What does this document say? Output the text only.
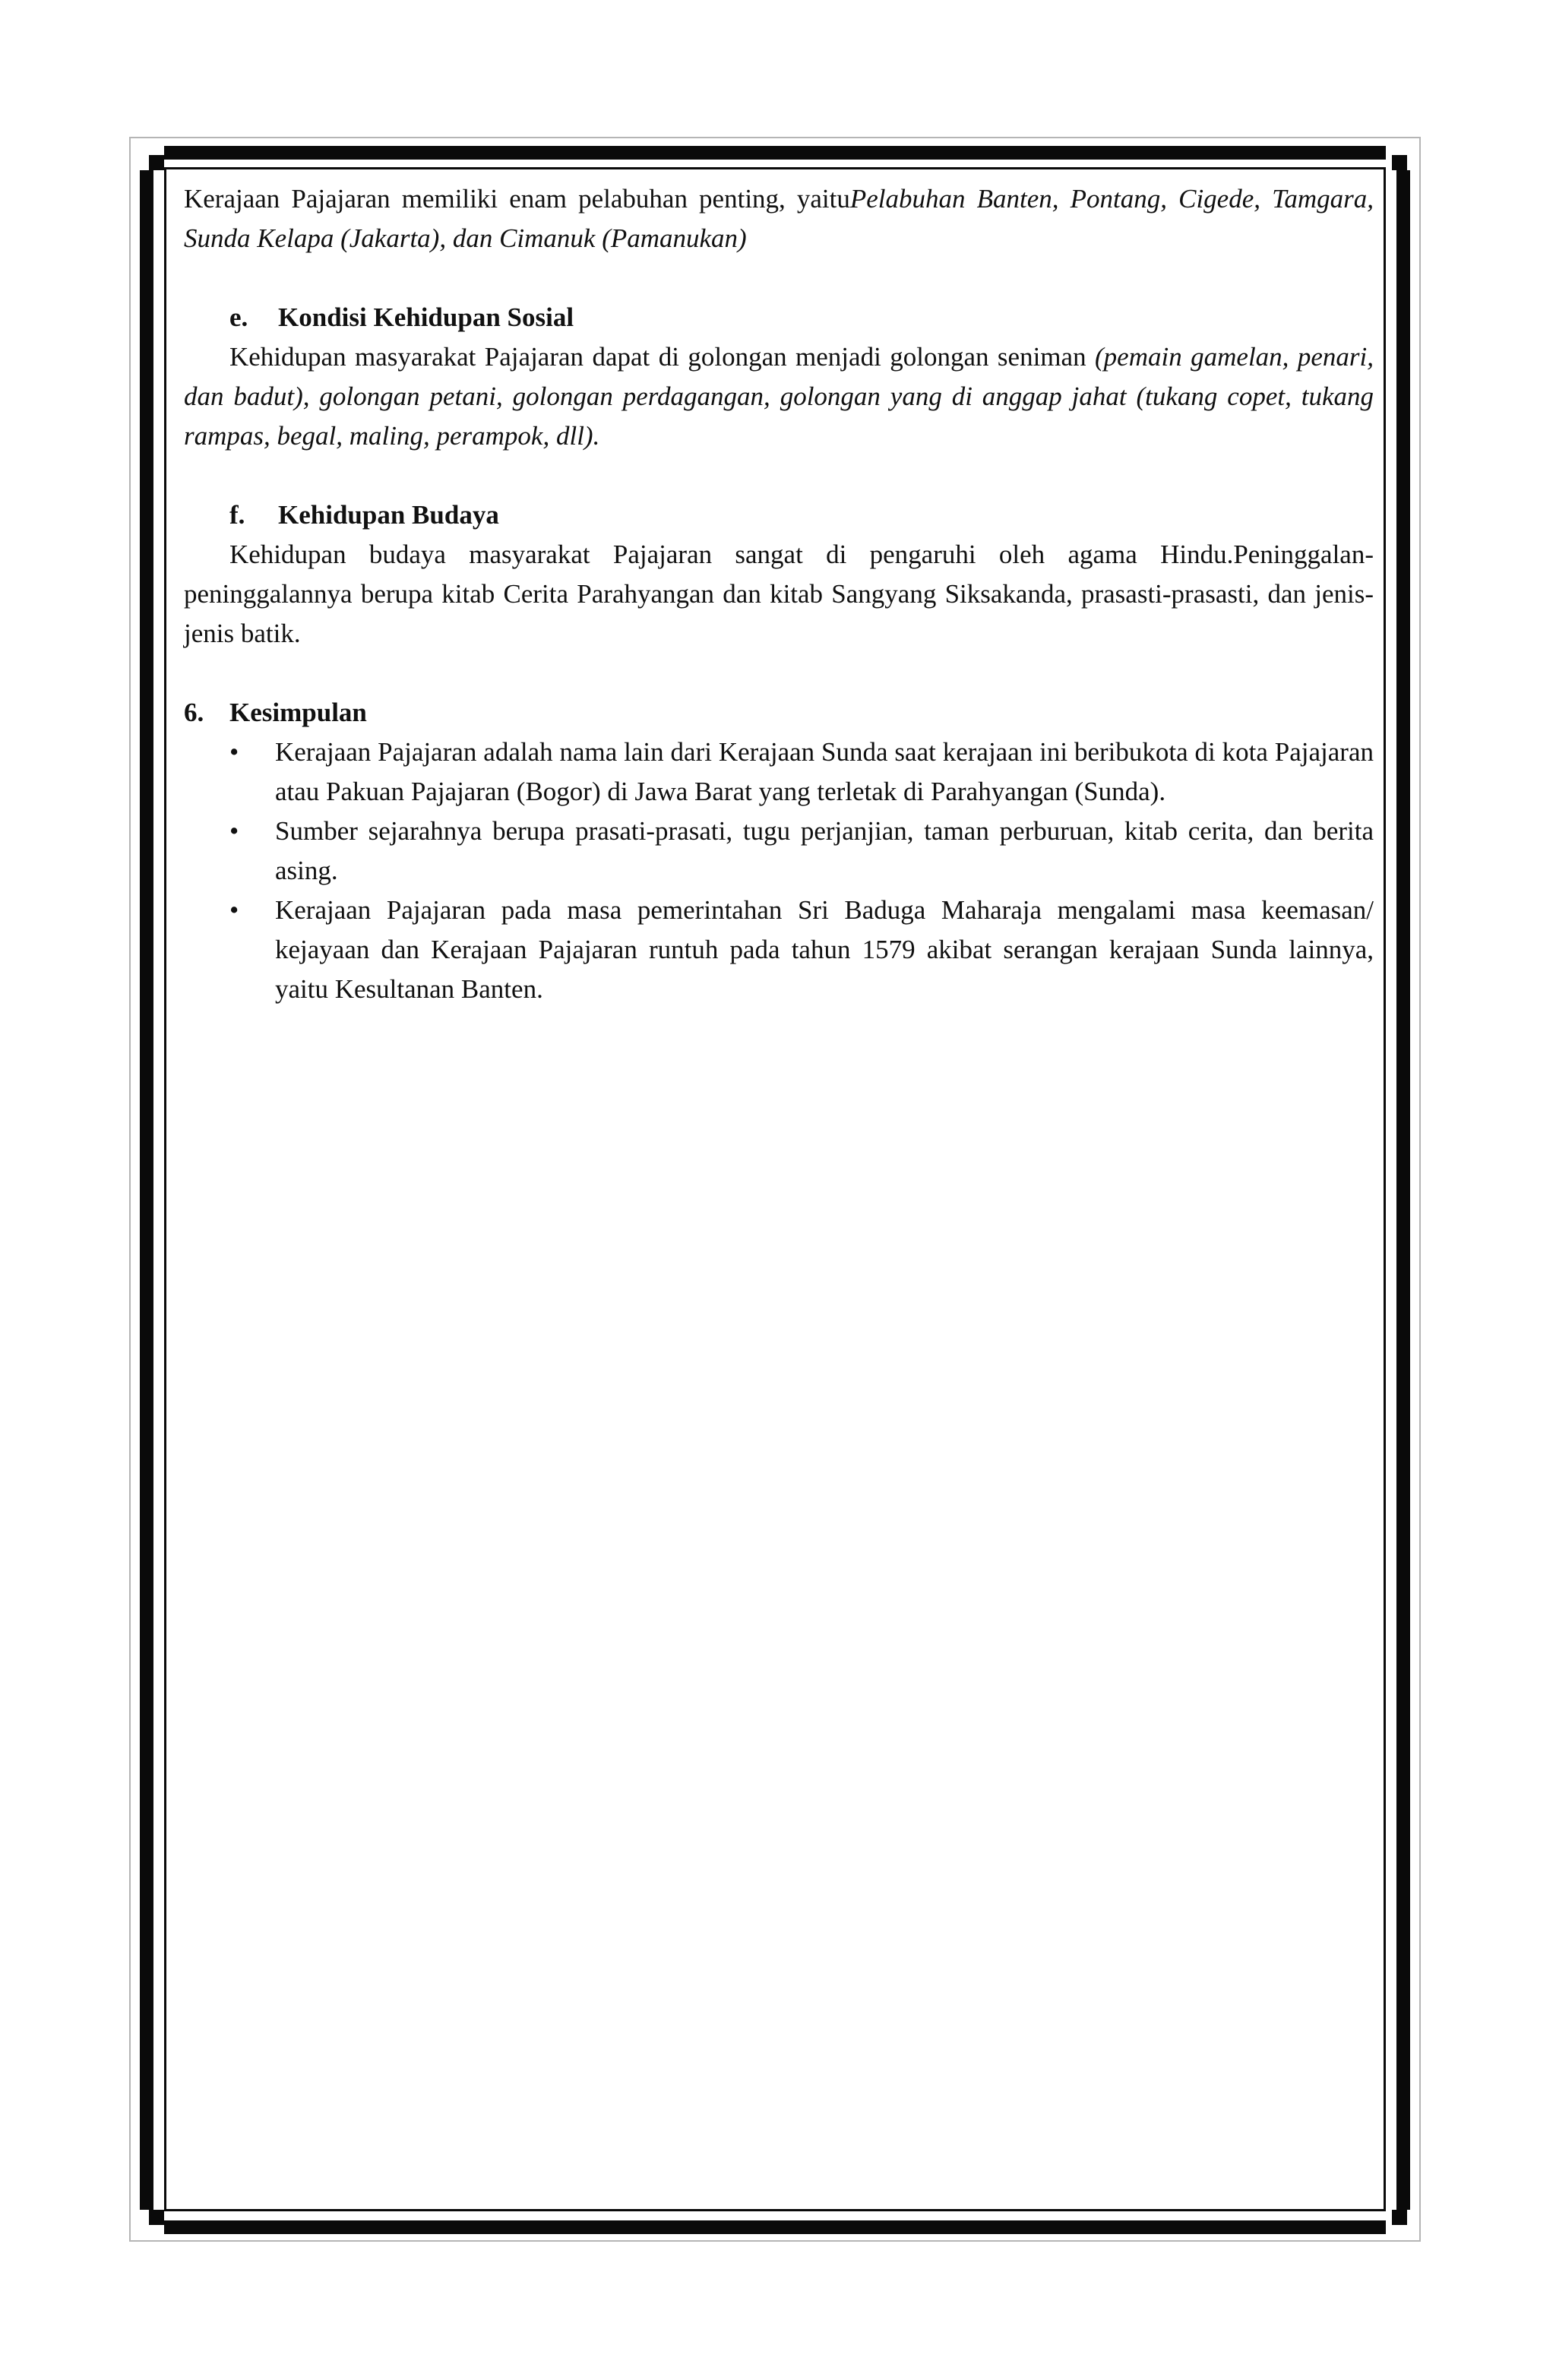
Kerajaan Pajajaran memiliki enam pelabuhan penting, yaituPelabuhan Banten, Pontang, Cigede, Tamgara, Sunda Kelapa (Jakarta), dan Cimanuk (Pamanukan)

e.	Kondisi Kehidupan Sosial

Kehidupan masyarakat Pajajaran dapat di golongan menjadi golongan seniman (pemain gamelan, penari, dan badut), golongan petani, golongan perdagangan, golongan yang di anggap jahat (tukang copet, tukang rampas, begal, maling, perampok, dll).

f.	Kehidupan Budaya

Kehidupan budaya masyarakat Pajajaran sangat di pengaruhi oleh agama Hindu.Peninggalan-peninggalannya berupa kitab Cerita Parahyangan dan kitab Sangyang Siksakanda, prasasti-prasasti, dan jenis-jenis batik.

6. Kesimpulan
•	Kerajaan Pajajaran adalah nama lain dari Kerajaan Sunda saat kerajaan ini beribukota di kota Pajajaran atau Pakuan Pajajaran (Bogor) di Jawa Barat yang terletak di Parahyangan (Sunda).
•	Sumber sejarahnya berupa prasati-prasati, tugu perjanjian, taman perburuan, kitab cerita, dan berita asing.
•	Kerajaan Pajajaran pada masa pemerintahan Sri Baduga Maharaja mengalami masa keemasan/ kejayaan dan Kerajaan Pajajaran runtuh pada tahun 1579 akibat serangan kerajaan Sunda lainnya, yaitu Kesultanan Banten.
